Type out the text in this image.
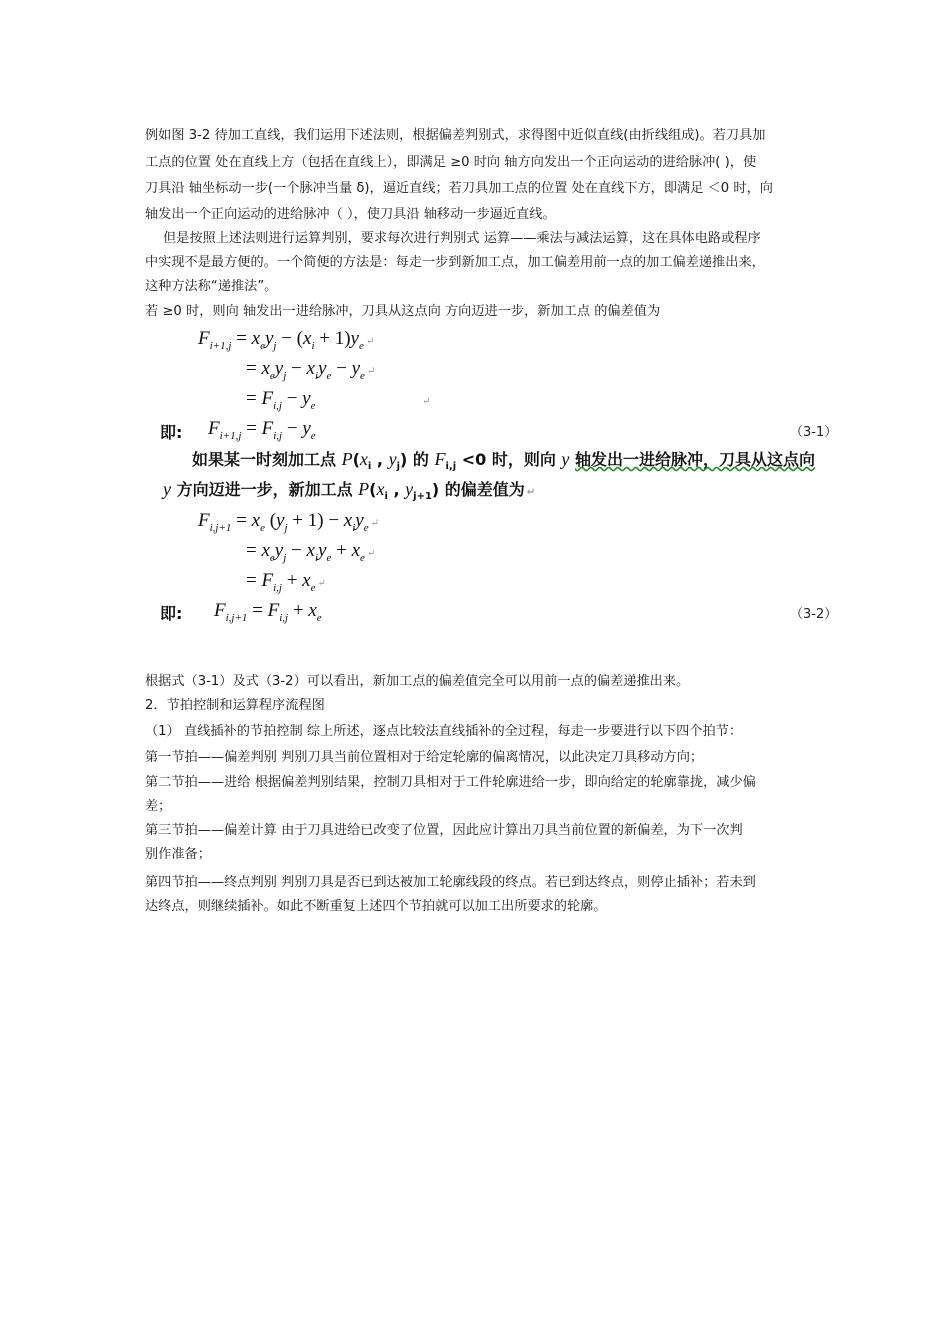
例如图 3-2 待加工直线，我们运用下述法则，根据偏差判别式，求得图中近似直线(由折线组成)。若刀具加
工点的位置 处在直线上方（包括在直线上），即满足 ≥0 时向 轴方向发出一个正向运动的进给脉冲( )，使
刀具沿 轴坐标动一步(一个脉冲当量 δ)，逼近直线；若刀具加工点的位置 处在直线下方，即满足 ＜0 时，向
轴发出一个正向运动的进给脉冲（ ），使刀具沿 轴移动一步逼近直线。
但是按照上述法则进行运算判别，要求每次进行判别式 运算——乘法与减法运算，这在具体电路或程序
中实现不是最方便的。一个简便的方法是：每走一步到新加工点，加工偏差用前一点的加工偏差递推出来，
这种方法称“递推法”。
若 ≥0 时，则向 轴发出一进给脉冲，刀具从这点向 方向迈进一步，新加工点 的偏差值为
$F_{i+1,j} = x_ey_j - (x_i + 1)y_e$ ↵
= $x_ey_j - x_iy_e - y_e$ ↵
= $F_{i,j} - y_e$	↵
即: $F_{i+1,j} = F_{i,j} - y_e$	（3-1）
如果某一时刻加工点 $P(x_i$ , $y_j$) 的 $F_{i,j} <0$ 时，则向 y 轴发出一进给脉冲，刀具从这点向
y 方向迈进一步，新加工点 $P(x_i$ , $y_{j+1}$) 的偏差值为 ↵
$F_{i,j+1} = x_e$ $(y_j + 1) - x_iy_e$ ↵
= $x_ey_j - x_iy_e + x_e$ ↵
= $F_{i,j} + x_e$ ↵
即: $F_{i,j+1} = F_{i,j} + x_e$	（3-2）
根据式（3-1）及式（3-2）可以看出，新加工点的偏差值完全可以用前一点的偏差递推出来。
2．节拍控制和运算程序流程图
（1） 直线插补的节拍控制 综上所述，逐点比较法直线插补的全过程，每走一步要进行以下四个拍节：
第一节拍——偏差判别 判别刀具当前位置相对于给定轮廓的偏离情况，以此决定刀具移动方向；
第二节拍——进给 根据偏差判别结果，控制刀具相对于工件轮廓进给一步，即向给定的轮廓靠拢，减少偏
差；
第三节拍——偏差计算 由于刀具进给已改变了位置，因此应计算出刀具当前位置的新偏差，为下一次判
别作准备；
第四节拍——终点判别 判别刀具是否已到达被加工轮廓线段的终点。若已到达终点，则停止插补；若未到
达终点，则继续插补。如此不断重复上述四个节拍就可以加工出所要求的轮廓。
